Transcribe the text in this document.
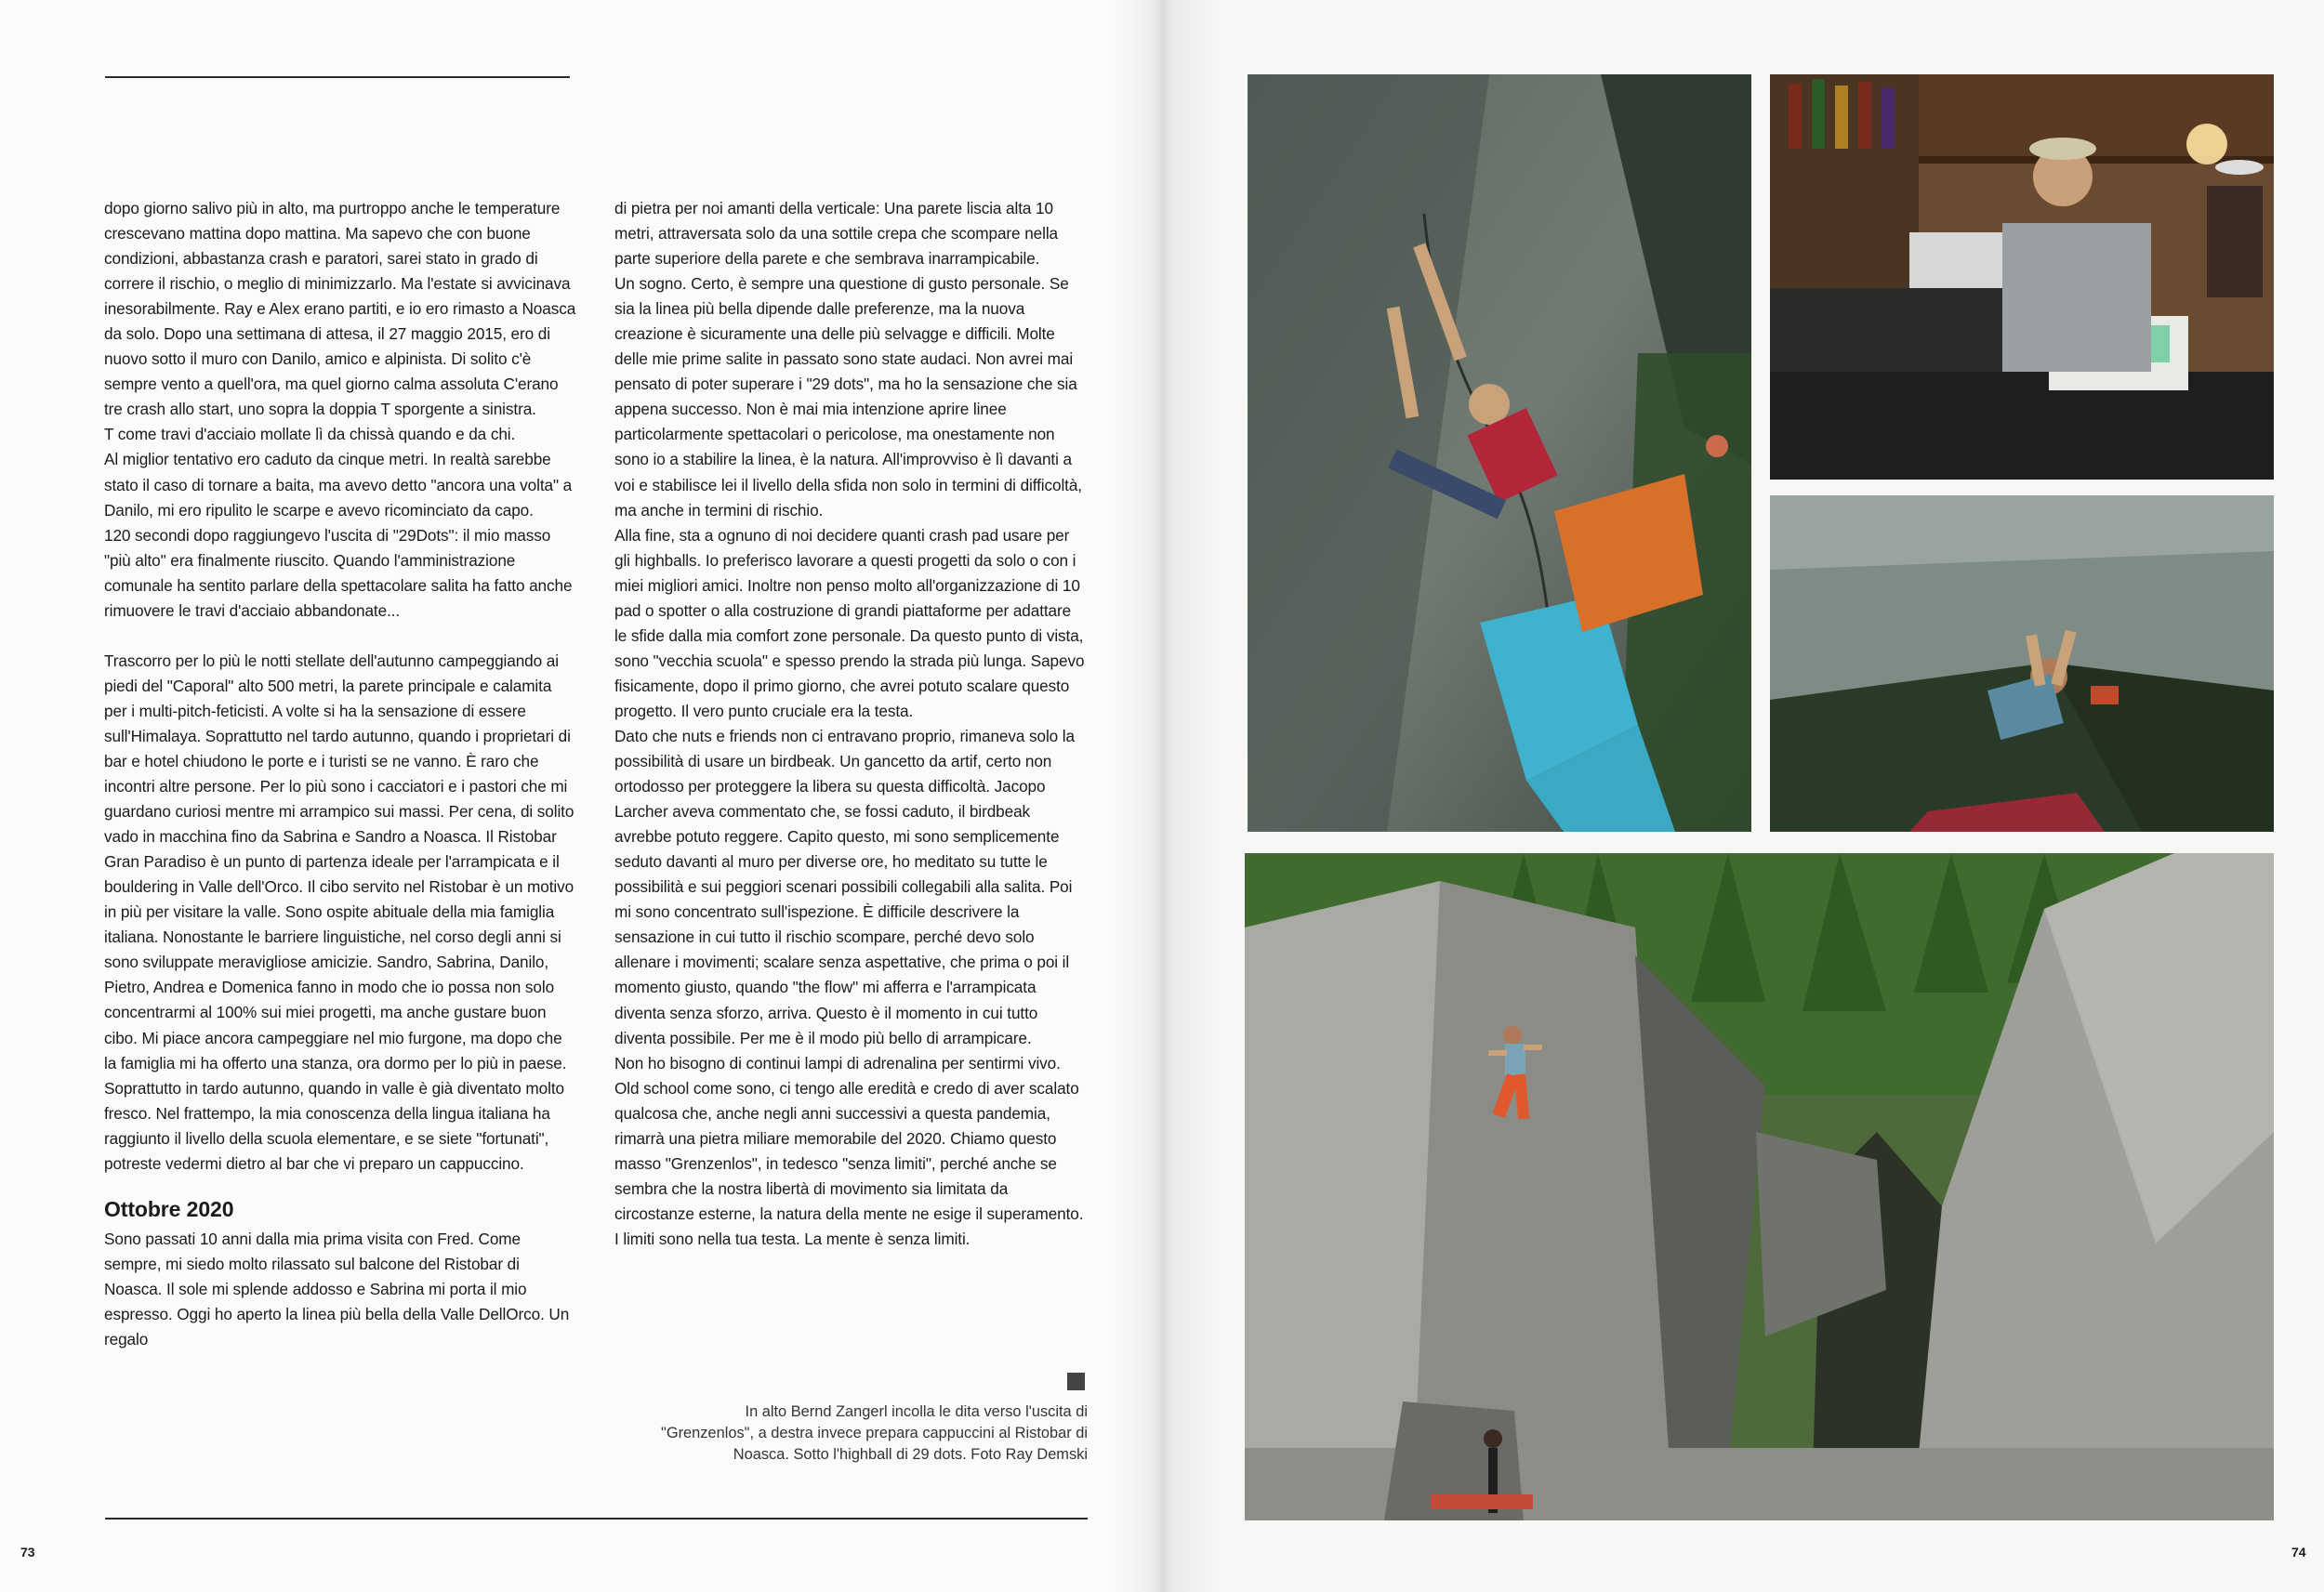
dopo giorno salivo più in alto, ma purtroppo anche le temperature crescevano mattina dopo mattina. Ma sapevo che con buone condizioni, abbastanza crash e paratori, sarei stato in grado di correre il rischio, o meglio di minimizzarlo. Ma l'estate si avvicinava inesorabilmente. Ray e Alex erano partiti, e io ero rimasto a Noasca da solo. Dopo una settimana di attesa, il 27 maggio 2015, ero di nuovo sotto il muro con Danilo, amico e alpinista. Di solito c'è sempre vento a quell'ora, ma quel giorno calma assoluta C'erano tre crash allo start, uno sopra la doppia T sporgente a sinistra.

T come travi d'acciaio mollate lì da chissà quando e da chi.

Al miglior tentativo ero caduto da cinque metri. In realtà sarebbe stato il caso di tornare a baita, ma avevo detto "ancora una volta" a Danilo, mi ero ripulito le scarpe e avevo ricominciato da capo.

120 secondi dopo raggiungevo l'uscita di "29Dots": il mio masso "più alto" era finalmente riuscito. Quando l'amministrazione comunale ha sentito parlare della spettacolare salita ha fatto anche rimuovere le travi d'acciaio abbandonate...

Trascorro per lo più le notti stellate dell'autunno campeggiando ai piedi del "Caporal" alto 500 metri, la parete principale e calamita per i multi-pitch-feticisti. A volte si ha la sensazione di essere sull'Himalaya. Soprattutto nel tardo autunno, quando i proprietari di bar e hotel chiudono le porte e i turisti se ne vanno. È raro che incontri altre persone. Per lo più sono i cacciatori e i pastori che mi guardano curiosi mentre mi arrampico sui massi. Per cena, di solito vado in macchina fino da Sabrina e Sandro a Noasca. Il Ristobar Gran Paradiso è un punto di partenza ideale per l'arrampicata e il bouldering in Valle dell'Orco. Il cibo servito nel Ristobar è un motivo in più per visitare la valle. Sono ospite abituale della mia famiglia italiana. Nonostante le barriere linguistiche, nel corso degli anni si sono sviluppate meravigliose amicizie. Sandro, Sabrina, Danilo, Pietro, Andrea e Domenica fanno in modo che io possa non solo concentrarmi al 100% sui miei progetti, ma anche gustare buon cibo. Mi piace ancora campeggiare nel mio furgone, ma dopo che la famiglia mi ha offerto una stanza, ora dormo per lo più in paese. Soprattutto in tardo autunno, quando in valle è già diventato molto fresco. Nel frattempo, la mia conoscenza della lingua italiana ha raggiunto il livello della scuola elementare, e se siete "fortunati", potreste vedermi dietro al bar che vi preparo un cappuccino.

Ottobre 2020

Sono passati 10 anni dalla mia prima visita con Fred. Come sempre, mi siedo molto rilassato sul balcone del Ristobar di Noasca. Il sole mi splende addosso e Sabrina mi porta il mio espresso. Oggi ho aperto la linea più bella della Valle DellOrco. Un regalo

di pietra per noi amanti della verticale: Una parete liscia alta 10 metri, attraversata solo da una sottile crepa che scompare nella parte superiore della parete e che sembrava inarrampicabile.

Un sogno. Certo, è sempre una questione di gusto personale. Se sia la linea più bella dipende dalle preferenze, ma la nuova creazione è sicuramente una delle più selvagge e difficili. Molte delle mie prime salite in passato sono state audaci. Non avrei mai pensato di poter superare i "29 dots", ma ho la sensazione che sia appena successo. Non è mai mia intenzione aprire linee particolarmente spettacolari o pericolose, ma onestamente non sono io a stabilire la linea, è la natura. All'improvviso è lì davanti a voi e stabilisce lei il livello della sfida non solo in termini di difficoltà, ma anche in termini di rischio.

Alla fine, sta a ognuno di noi decidere quanti crash pad usare per gli highballs. Io preferisco lavorare a questi progetti da solo o con i miei migliori amici. Inoltre non penso molto all'organizzazione di 10 pad o spotter o alla costruzione di grandi piattaforme per adattare le sfide dalla mia comfort zone personale. Da questo punto di vista, sono "vecchia scuola" e spesso prendo la strada più lunga. Sapevo fisicamente, dopo il primo giorno, che avrei potuto scalare questo progetto. Il vero punto cruciale era la testa.

Dato che nuts e friends non ci entravano proprio, rimaneva solo la possibilità di usare un birdbeak. Un gancetto da artif, certo non ortodosso per proteggere la libera su questa difficoltà. Jacopo Larcher aveva commentato che, se fossi caduto, il birdbeak avrebbe potuto reggere. Capito questo, mi sono semplicemente seduto davanti al muro per diverse ore, ho meditato su tutte le possibilità e sui peggiori scenari possibili collegabili alla salita. Poi mi sono concentrato sull'ispezione. È difficile descrivere la sensazione in cui tutto il rischio scompare, perché devo solo allenare i movimenti; scalare senza aspettative, che prima o poi il momento giusto, quando "the flow" mi afferra e l'arrampicata diventa senza sforzo, arriva. Questo è il momento in cui tutto diventa possibile. Per me è il modo più bello di arrampicare.

Non ho bisogno di continui lampi di adrenalina per sentirmi vivo. Old school come sono, ci tengo alle eredità e credo di aver scalato qualcosa che, anche negli anni successivi a questa pandemia, rimarrà una pietra miliare memorabile del 2020. Chiamo questo masso "Grenzenlos", in tedesco "senza limiti", perché anche se sembra che la nostra libertà di movimento sia limitata da circostanze esterne, la natura della mente ne esige il superamento.

I limiti sono nella tua testa. La mente è senza limiti.

In alto Bernd Zangerl incolla le dita verso l'uscita di "Grenzenlos", a destra invece prepara cappuccini al Ristobar di Noasca. Sotto l'highball di 29 dots. Foto Ray Demski
73	74
